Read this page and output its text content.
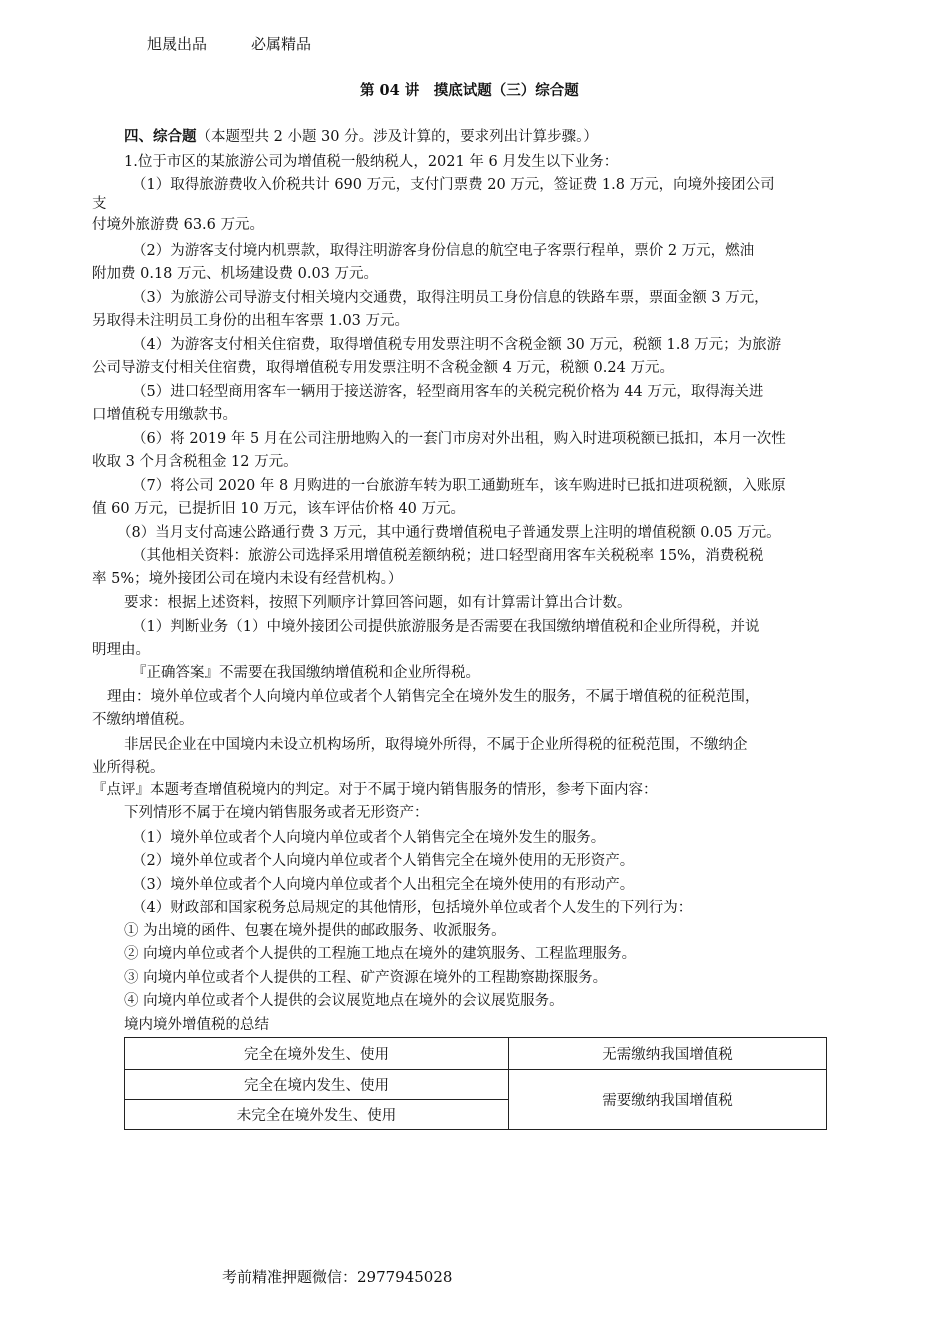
旭晟出品	必属精品
第 04 讲　摸底试题（三）综合题
四、综合题（本题型共 2 小题 30 分。涉及计算的，要求列出计算步骤。）

1.位于市区的某旅游公司为增值税一般纳税人，2021 年 6 月发生以下业务：

（1）取得旅游费收入价税共计 690 万元，支付门票费 20 万元，签证费 1.8 万元，向境外接团公司

支

付境外旅游费 63.6 万元。

（2）为游客支付境内机票款，取得注明游客身份信息的航空电子客票行程单，票价 2 万元，燃油

附加费 0.18 万元、机场建设费 0.03 万元。

（3）为旅游公司导游支付相关境内交通费，取得注明员工身份信息的铁路车票，票面金额 3 万元，

另取得未注明员工身份的出租车客票 1.03 万元。

（4）为游客支付相关住宿费，取得增值税专用发票注明不含税金额 30 万元，税额 1.8 万元；为旅游

公司导游支付相关住宿费，取得增值税专用发票注明不含税金额 4 万元，税额 0.24 万元。

（5）进口轻型商用客车一辆用于接送游客，轻型商用客车的关税完税价格为 44 万元，取得海关进

口增值税专用缴款书。

（6）将 2019 年 5 月在公司注册地购入的一套门市房对外出租，购入时进项税额已抵扣，本月一次性

收取 3 个月含税租金 12 万元。

（7）将公司 2020 年 8 月购进的一台旅游车转为职工通勤班车，该车购进时已抵扣进项税额，入账原

值 60 万元，已提折旧 10 万元，该车评估价格 40 万元。

（8）当月支付高速公路通行费 3 万元，其中通行费增值税电子普通发票上注明的增值税额 0.05 万元。

（其他相关资料：旅游公司选择采用增值税差额纳税；进口轻型商用客车关税税率 15%，消费税税

率 5%；境外接团公司在境内未设有经营机构。）

要求：根据上述资料，按照下列顺序计算回答问题，如有计算需计算出合计数。

（1）判断业务（1）中境外接团公司提供旅游服务是否需要在我国缴纳增值税和企业所得税，并说

明理由。

『正确答案』不需要在我国缴纳增值税和企业所得税。

理由：境外单位或者个人向境内单位或者个人销售完全在境外发生的服务，不属于增值税的征税范围，

不缴纳增值税。

非居民企业在中国境内未设立机构场所，取得境外所得，不属于企业所得税的征税范围，不缴纳企

业所得税。

『点评』本题考查增值税境内的判定。对于不属于境内销售服务的情形，参考下面内容：

下列情形不属于在境内销售服务或者无形资产：

（1）境外单位或者个人向境内单位或者个人销售完全在境外发生的服务。

（2）境外单位或者个人向境内单位或者个人销售完全在境外使用的无形资产。

（3）境外单位或者个人向境内单位或者个人出租完全在境外使用的有形动产。

（4）财政部和国家税务总局规定的其他情形，包括境外单位或者个人发生的下列行为：

① 为出境的函件、包裹在境外提供的邮政服务、收派服务。

② 向境内单位或者个人提供的工程施工地点在境外的建筑服务、工程监理服务。

③ 向境内单位或者个人提供的工程、矿产资源在境外的工程勘察勘探服务。

④ 向境内单位或者个人提供的会议展览地点在境外的会议展览服务。

境内境外增值税的总结

完全在境外发生、使用	无需缴纳我国增值税
完全在境内发生、使用	需要缴纳我国增值税
未完全在境外发生、使用	
考前精准押题微信：2977945028
